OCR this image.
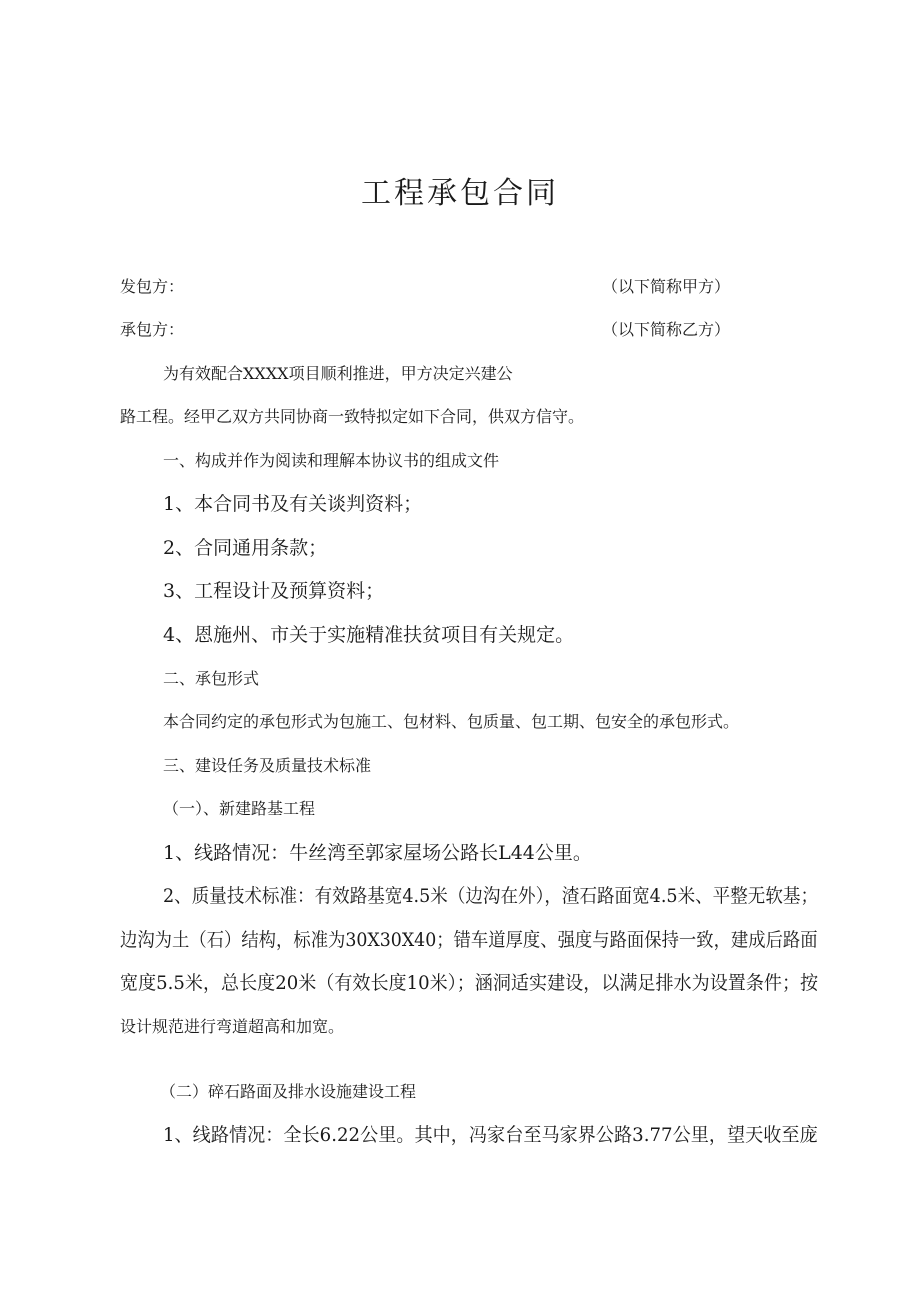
工程承包合同

发包方：	（以下简称甲方）

承包方：	（以下简称乙方）

为有效配合XXXX项目顺利推进，甲方决定兴建公

路工程。经甲乙双方共同协商一致特拟定如下合同，供双方信守。

一、构成并作为阅读和理解本协议书的组成文件

1、本合同书及有关谈判资料；

2、合同通用条款；

3、工程设计及预算资料；

4、恩施州、市关于实施精准扶贫项目有关规定。

二、承包形式

本合同约定的承包形式为包施工、包材料、包质量、包工期、包安全的承包形式。

三、建设任务及质量技术标准

（一）、新建路基工程

1、线路情况：牛丝湾至郭家屋场公路长L44公里。

2、质量技术标准：有效路基宽4.5米（边沟在外），渣石路面宽4.5米、平整无软基；

边沟为土（石）结构，标准为30X30X40；错车道厚度、强度与路面保持一致，建成后路面

宽度5.5米，总长度20米（有效长度10米）；涵洞适实建设，以满足排水为设置条件；按

设计规范进行弯道超高和加宽。

（二）碎石路面及排水设施建设工程

1、线路情况：全长6.22公里。其中，冯家台至马家界公路3.77公里，望天收至庞
